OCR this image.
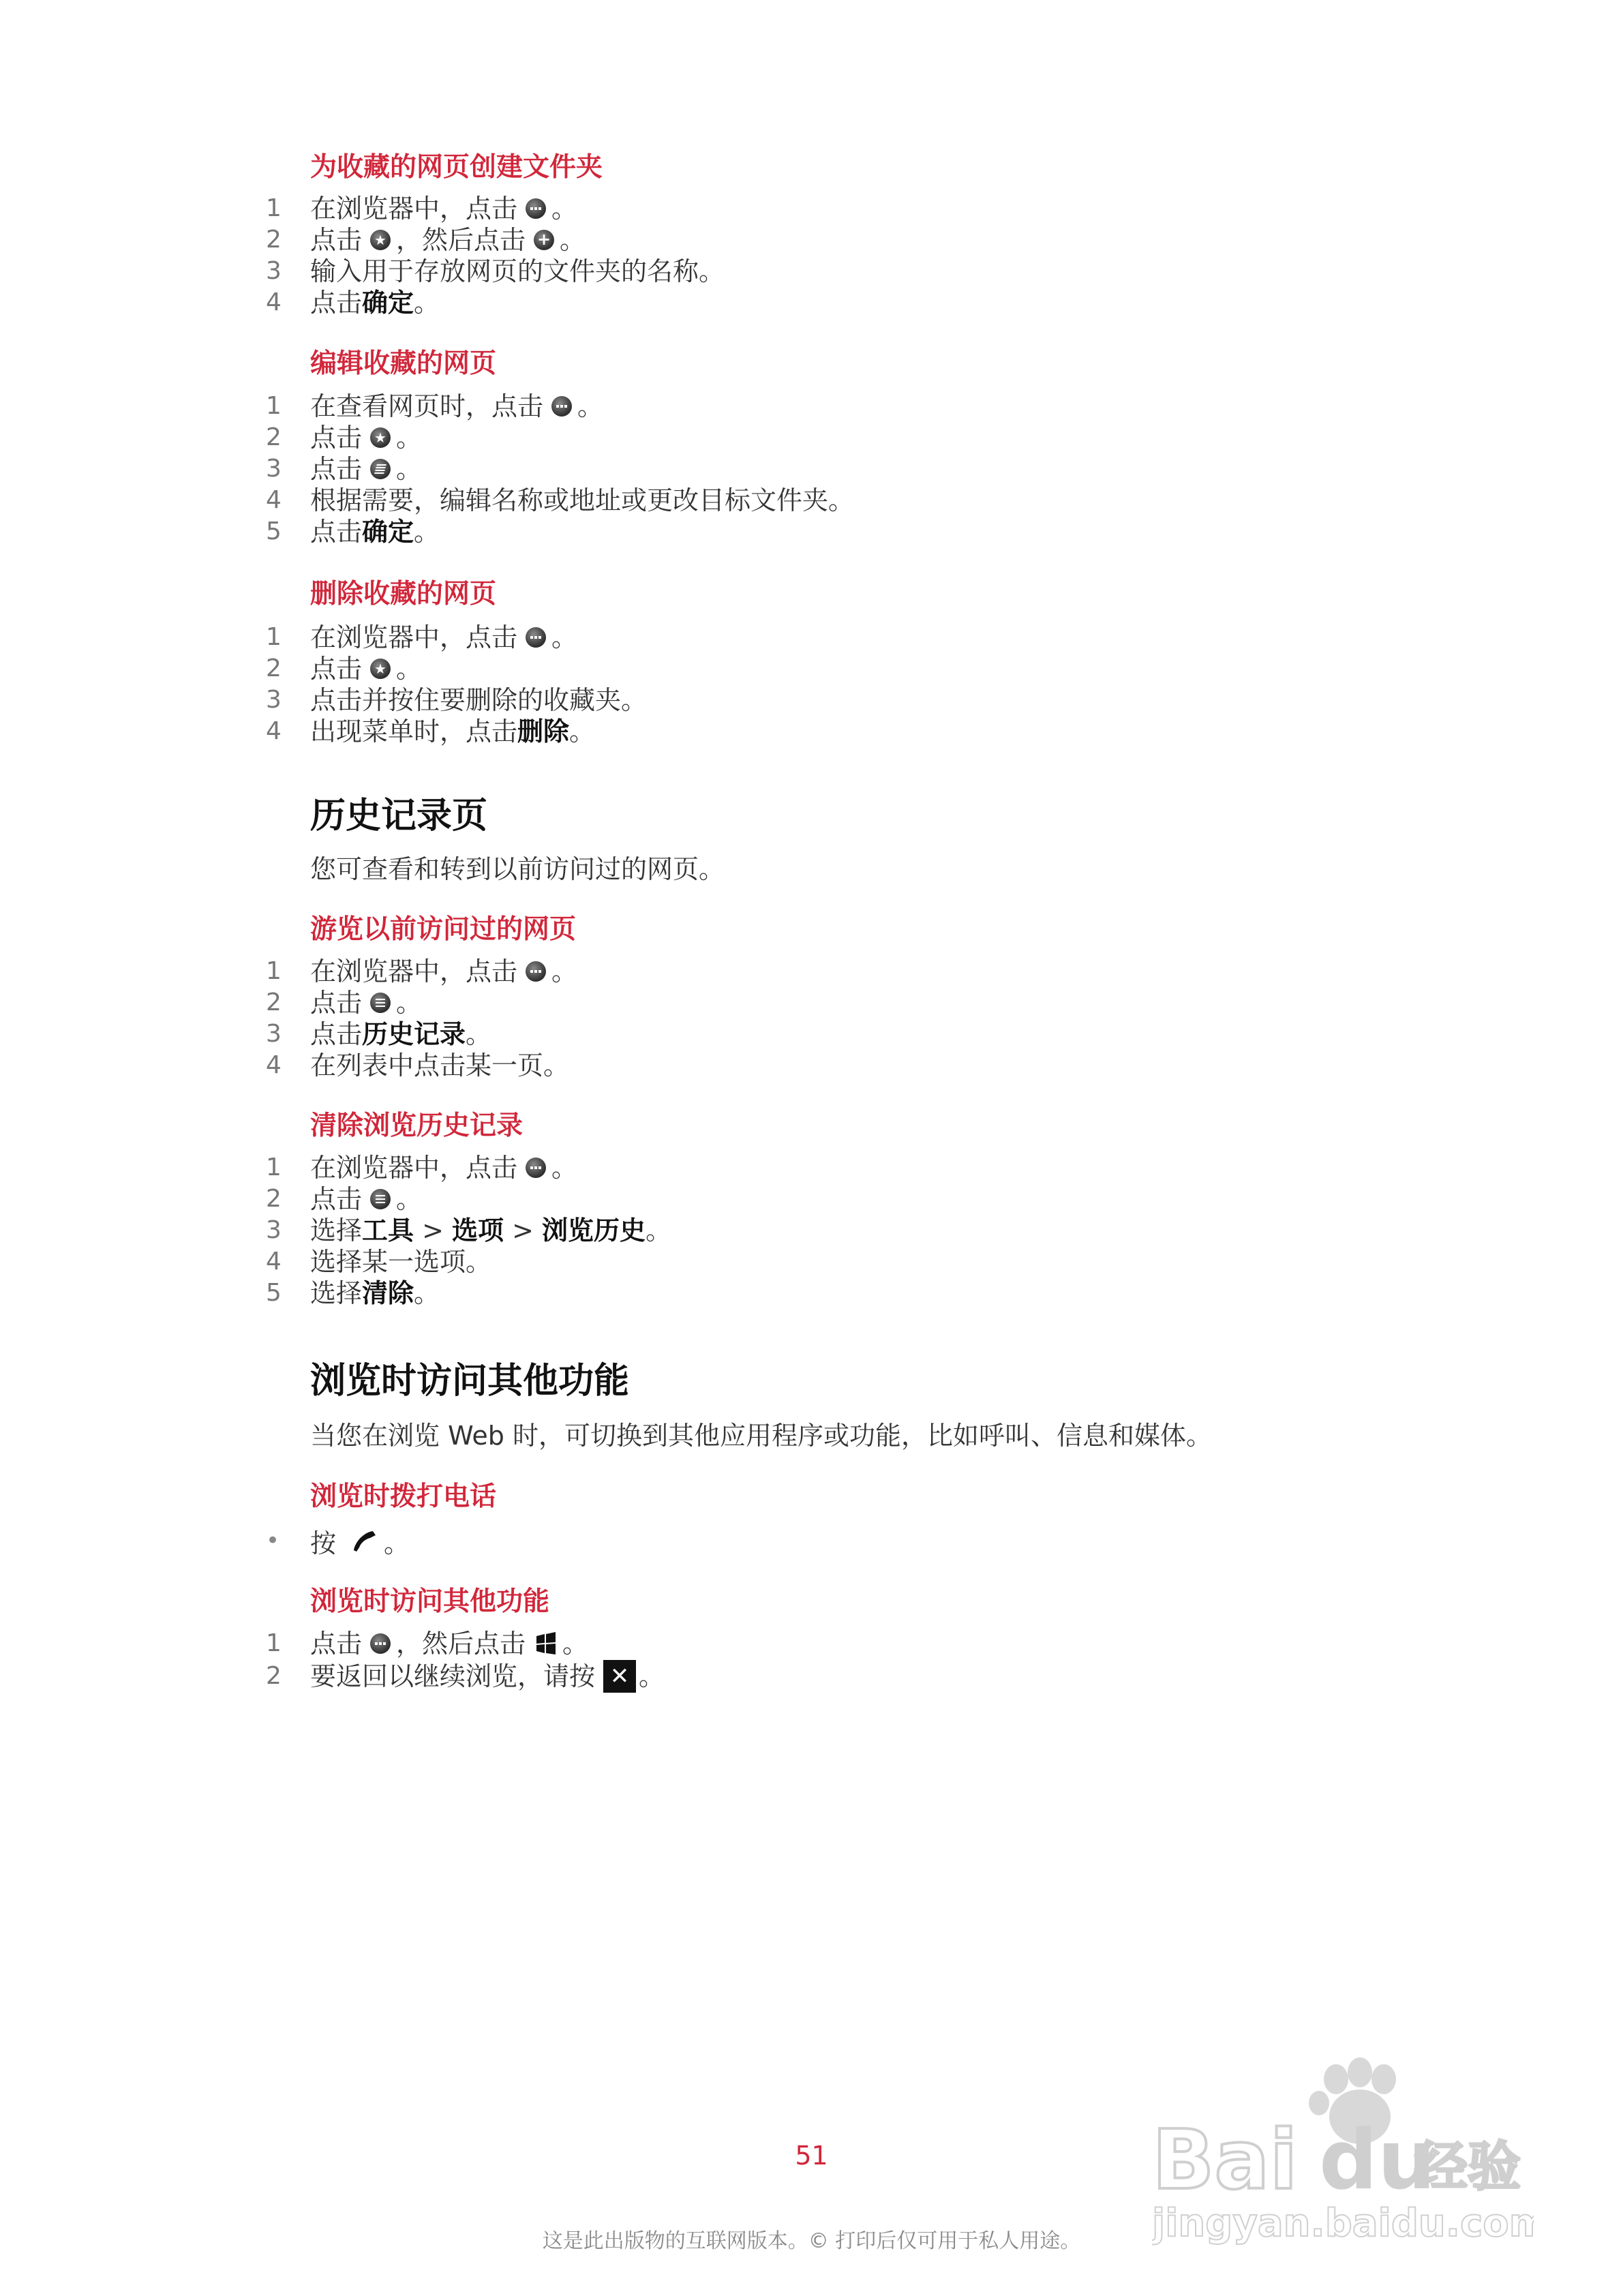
为收藏的网页创建文件夹
1	在浏览器中，点击 。
2	点击 ★ ，然后点击 + 。
3	输入用于存放网页的文件夹的名称。
4	点击 确定 。
编辑收藏的网页
1	在查看网页时，点击 。
2	点击 ★ 。
3	点击 。
4	根据需要，编辑名称或地址或更改目标文件夹。
5	点击 确定 。
删除收藏的网页
1	在浏览器中，点击 。
2	点击 ★ 。
3	点击并按住要删除的收藏夹。
4	出现菜单时，点击 删除 。
历史记录页
您可查看和转到以前访问过的网页。
游览以前访问过的网页
1	在浏览器中，点击 。
2	点击 。
3	点击 历史记录 。
4	在列表中点击某一页。
清除浏览历史记录
1	在浏览器中，点击 。
2	点击 。
3	选择 工具 > 选项 > 浏览历史 。
4	选择某一选项。
5	选择 清除 。
浏览时访问其他功能
当您在浏览 Web 时，可切换到其他应用程序或功能，比如呼叫、信息和媒体。
浏览时拨打电话
•	按 。
浏览时访问其他功能
1	点击 ，然后点击 。
2	要返回以继续浏览，请按 ✕ 。
51
这是此出版物的互联网版本。© 打印后仅可用于私人用途。
Bai du
经验
jingyan.baidu.com
